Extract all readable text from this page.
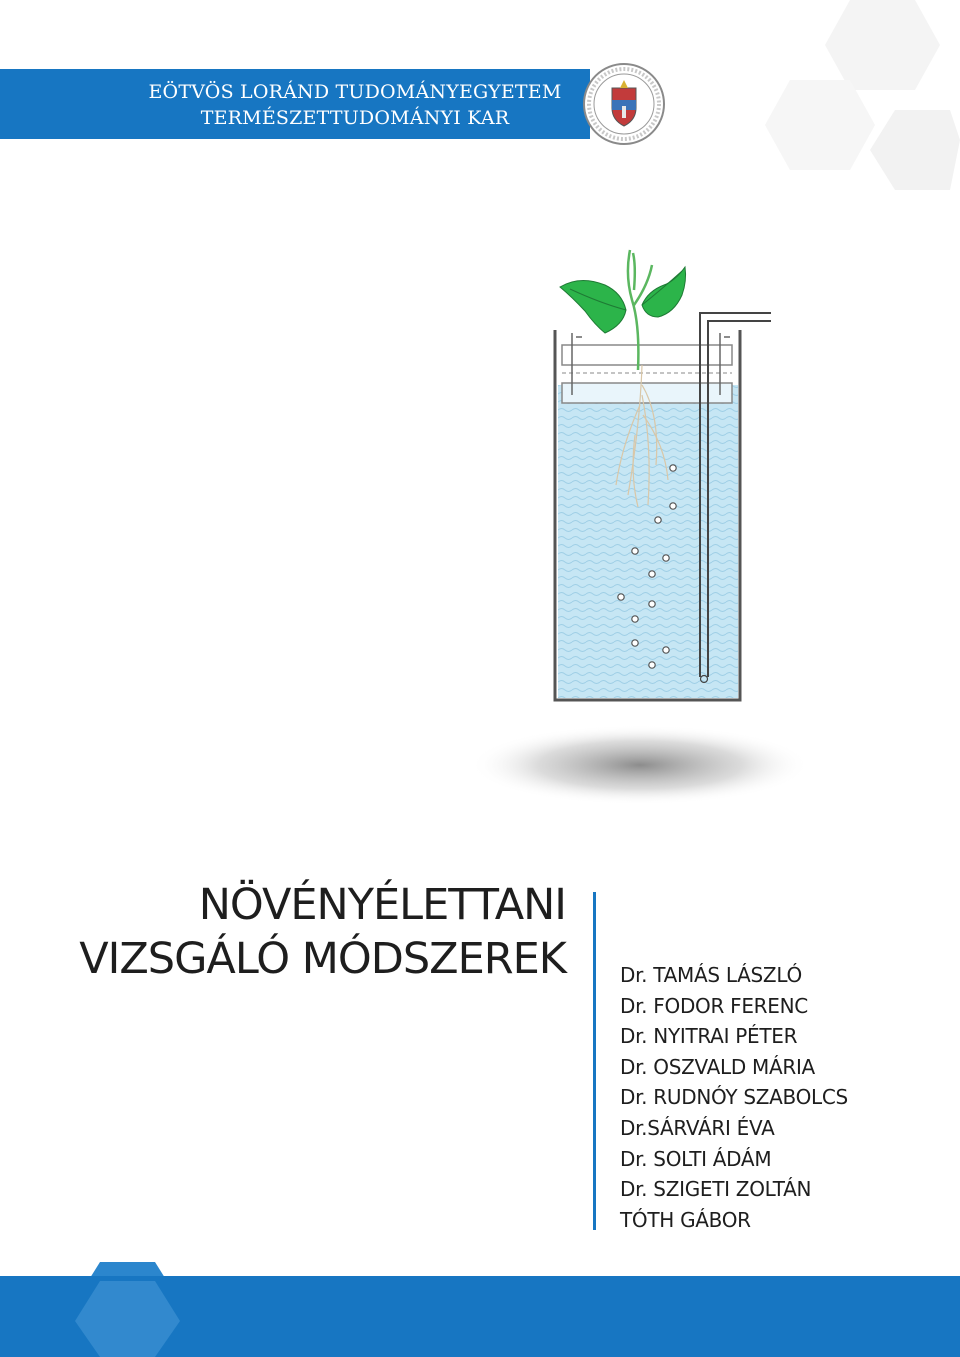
EÖTVÖS LORÁND TUDOMÁNYEGYETEM
TERMÉSZETTUDOMÁNYI KAR
NÖVÉNYÉLETTANI
VIZSGÁLÓ MÓDSZEREK	Dr. TAMÁS LÁSZLÓ
Dr. FODOR FERENC
Dr. NYITRAI PÉTER
Dr. OSZVALD MÁRIA
Dr. RUDNÓY SZABOLCS
Dr.SÁRVÁRI ÉVA
Dr. SOLTI ÁDÁM
Dr. SZIGETI ZOLTÁN
TÓTH GÁBOR
